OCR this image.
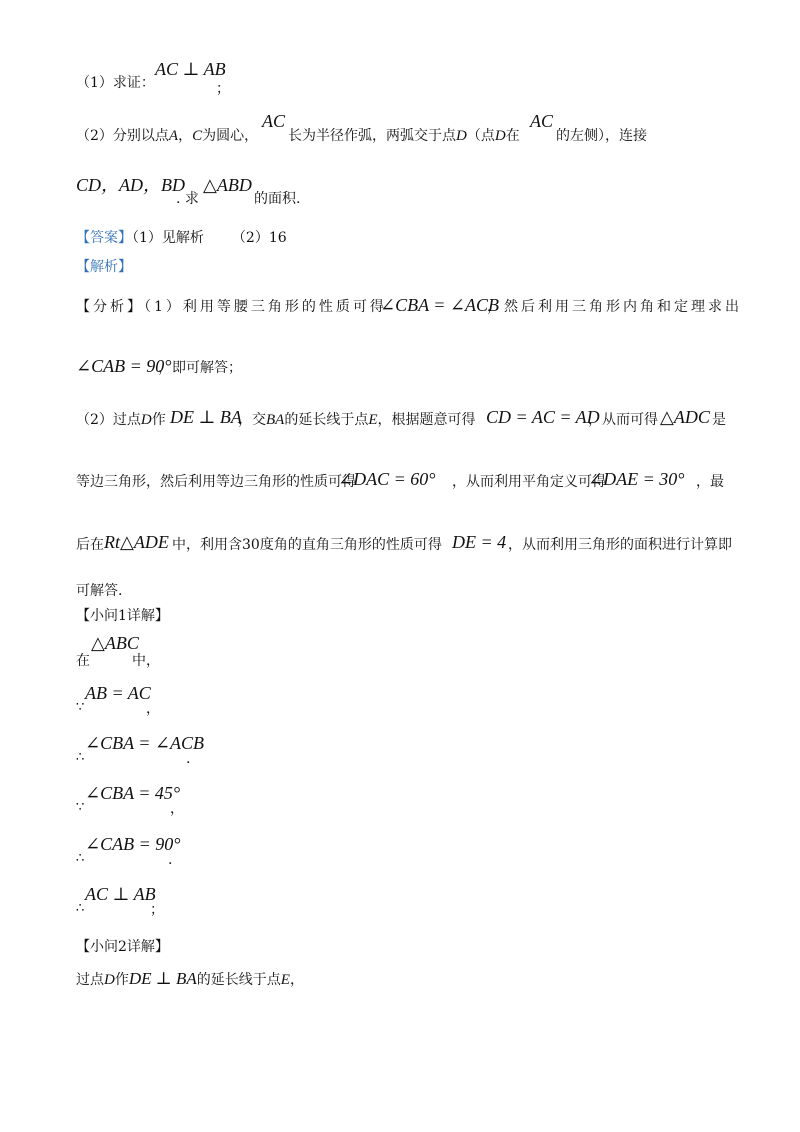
（1）求证：
AC ⊥ AB
；
（2）分别以点A，C为圆心，
AC
长为半径作弧，两弧交于点D（点D在
AC
的左侧），连接
CD，AD，BD
. 求
△ABD
的面积.
【答案】（1）见解析 （2）16
【解析】
【分析】（1）利用等腰三角形的性质可得
∠CBA = ∠ACB
，然后利用三角形内角和定理求出
∠CAB = 90°
，即可解答；
（2）过点D作 DE ⊥ BA
，交BA的延长线于点E，根据题意可得 CD = AC = AD
，从而可得 △ADC 是
等边三角形，然后利用等边三角形的性质可得
∠DAC = 60° ，从而利用平角定义可得
∠DAE = 30° ，最
后在 Rt△ADE 中，利用含30度角的直角三角形的性质可得 DE = 4 ，从而利用三角形的面积进行计算即
可解答.
【小问1详解】
在
△ABC
中，
∵
AB = AC
，
∴
∠CBA = ∠ACB
.
∵
∠CBA = 45°
，
∴
∠CAB = 90°
.
∴
AC ⊥ AB
；
【小问2详解】
过点D作DE ⊥ BA的延长线于点E，
